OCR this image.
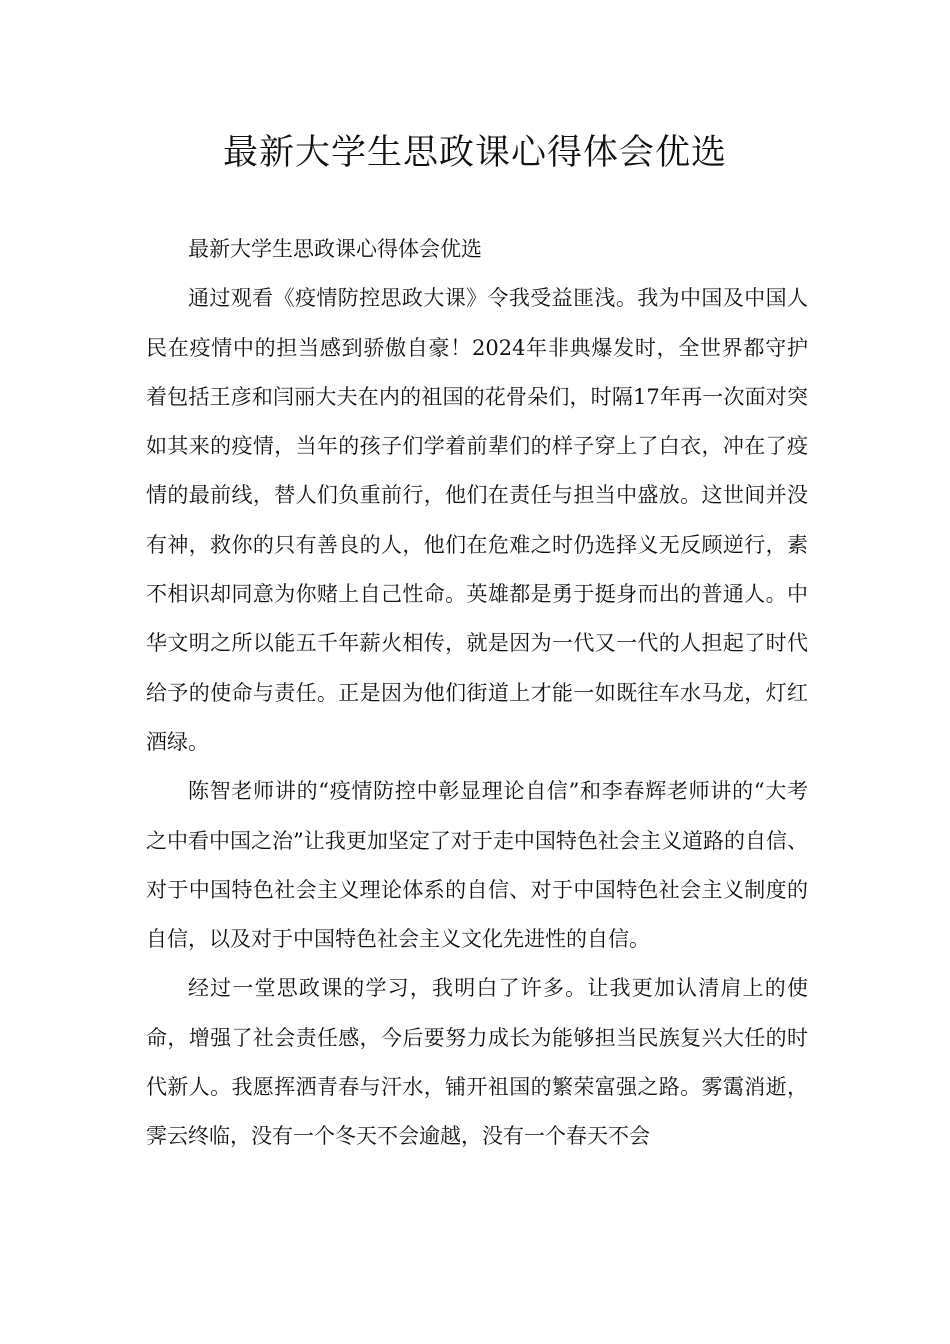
最新大学生思政课心得体会优选

最新大学生思政课心得体会优选

通过观看《疫情防控思政大课》令我受益匪浅。我为中国及中国人民在疫情中的担当感到骄傲自豪！2024年非典爆发时，全世界都守护着包括王彦和闫丽大夫在内的祖国的花骨朵们，时隔17年再一次面对突如其来的疫情，当年的孩子们学着前辈们的样子穿上了白衣，冲在了疫情的最前线，替人们负重前行，他们在责任与担当中盛放。这世间并没有神，救你的只有善良的人，他们在危难之时仍选择义无反顾逆行，素不相识却同意为你赌上自己性命。英雄都是勇于挺身而出的普通人。中华文明之所以能五千年薪火相传，就是因为一代又一代的人担起了时代给予的使命与责任。正是因为他们街道上才能一如既往车水马龙，灯红酒绿。

陈智老师讲的“疫情防控中彰显理论自信”和李春辉老师讲的“大考之中看中国之治”让我更加坚定了对于走中国特色社会主义道路的自信、对于中国特色社会主义理论体系的自信、对于中国特色社会主义制度的自信，以及对于中国特色社会主义文化先进性的自信。

经过一堂思政课的学习，我明白了许多。让我更加认清肩上的使命，增强了社会责任感，今后要努力成长为能够担当民族复兴大任的时代新人。我愿挥洒青春与汗水，铺开祖国的繁荣富强之路。雾霭消逝，霁云终临，没有一个冬天不会逾越，没有一个春天不会
